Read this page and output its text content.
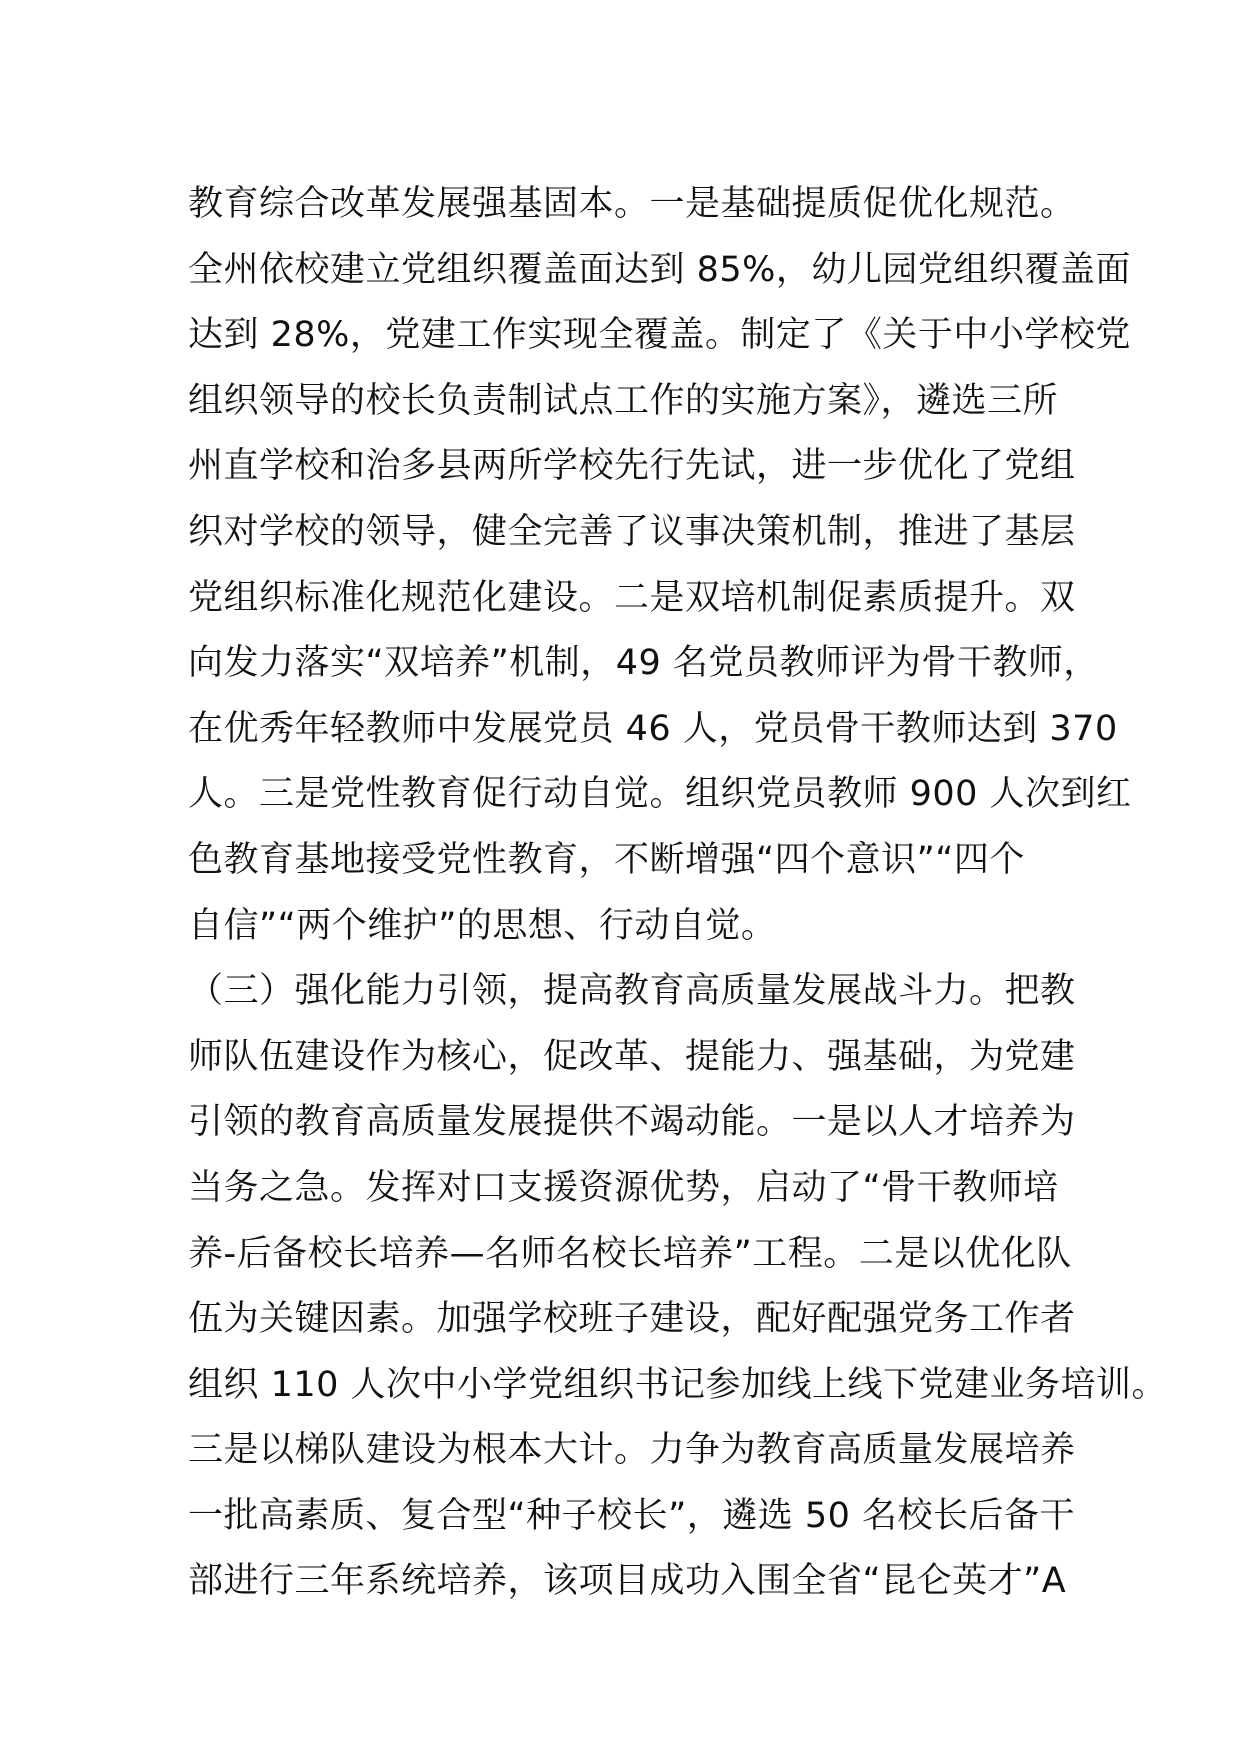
教育综合改革发展强基固本。一是基础提质促优化规范。
全州依校建立党组织覆盖面达到 85%，幼儿园党组织覆盖面
达到 28%，党建工作实现全覆盖。制定了《关于中小学校党
组织领导的校长负责制试点工作的实施方案》，遴选三所
州直学校和治多县两所学校先行先试，进一步优化了党组
织对学校的领导，健全完善了议事决策机制，推进了基层
党组织标准化规范化建设。二是双培机制促素质提升。双
向发力落实“双培养”机制，49 名党员教师评为骨干教师，
在优秀年轻教师中发展党员 46 人，党员骨干教师达到 370
人。三是党性教育促行动自觉。组织党员教师 900 人次到红
色教育基地接受党性教育，不断增强“四个意识”“四个
自信”“两个维护”的思想、行动自觉。
（三）强化能力引领，提高教育高质量发展战斗力。把教
师队伍建设作为核心，促改革、提能力、强基础，为党建
引领的教育高质量发展提供不竭动能。一是以人才培养为
当务之急。发挥对口支援资源优势，启动了“骨干教师培
养-后备校长培养—名师名校长培养”工程。二是以优化队
伍为关键因素。加强学校班子建设，配好配强党务工作者
组织 110 人次中小学党组织书记参加线上线下党建业务培训。
三是以梯队建设为根本大计。力争为教育高质量发展培养
一批高素质、复合型“种子校长”，遴选 50 名校长后备干
部进行三年系统培养，该项目成功入围全省“昆仑英才”A
